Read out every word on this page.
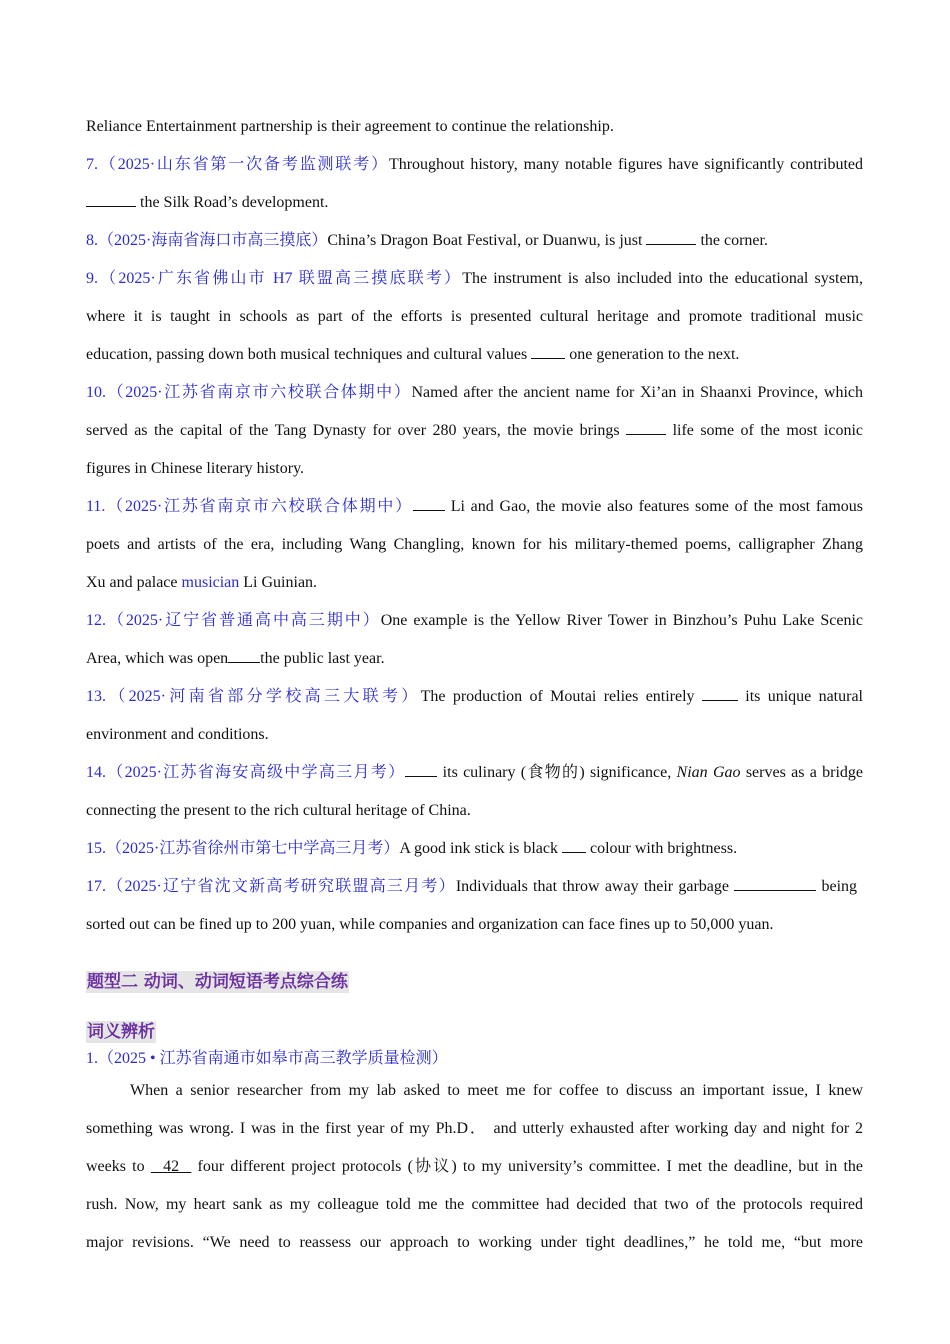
Reliance Entertainment partnership is their agreement to continue the relationship.
7.（2025·山东省第一次备考监测联考）Throughout history, many notable figures have significantly contributed
the Silk Road’s development.
8.（2025·海南省海口市高三摸底）China’s Dragon Boat Festival, or Duanwu, is just	the corner.
9.（2025·广东省佛山市 H7 联盟高三摸底联考）The instrument is also included into the educational system,
where it is taught in schools as part of the efforts is presented cultural heritage and promote traditional music
education, passing down both musical techniques and cultural values	one generation to the next.
10.（2025·江苏省南京市六校联合体期中）Named after the ancient name for Xi’an in Shaanxi Province, which
served as the capital of the Tang Dynasty for over 280 years, the movie brings	life some of the most iconic
figures in Chinese literary history.
11.（2025·江苏省南京市六校联合体期中） Li and Gao, the movie also features some of the most famous
poets and artists of the era, including Wang Changling, known for his military-themed poems, calligrapher Zhang
Xu and palace musician Li Guinian.
12.（2025·辽宁省普通高中高三期中）One example is the Yellow River Tower in Binzhou’s Puhu Lake Scenic
Area, which was open the public last year.
13.（2025·河南省部分学校高三大联考）The production of Moutai relies entirely	its unique natural
environment and conditions.
14.（2025·江苏省海安高级中学高三月考） its culinary (食物的) significance, Nian Gao serves as a bridge
connecting the present to the rich cultural heritage of China.
15.（2025·江苏省徐州市第七中学高三月考）A good ink stick is black colour with brightness.
17.（2025·辽宁省沈文新高考研究联盟高三月考）Individuals that throw away their garbage	being
sorted out can be fined up to 200 yuan, while companies and organization can face fines up to 50,000 yuan.
题型二 动词、动词短语考点综合练
词义辨析
1.（2025 • 江苏省南通市如皋市高三教学质量检测）
When a senior researcher from my lab asked to meet me for coffee to discuss an important issue, I knew
something was wrong. I was in the first year of my Ph.D． and utterly exhausted after working day and night for 2
weeks to 42 four different project protocols (协议) to my university’s committee. I met the deadline, but in the
rush. Now, my heart sank as my colleague told me the committee had decided that two of the protocols required
major revisions. “We need to reassess our approach to working under tight deadlines,” he told me, “but more
